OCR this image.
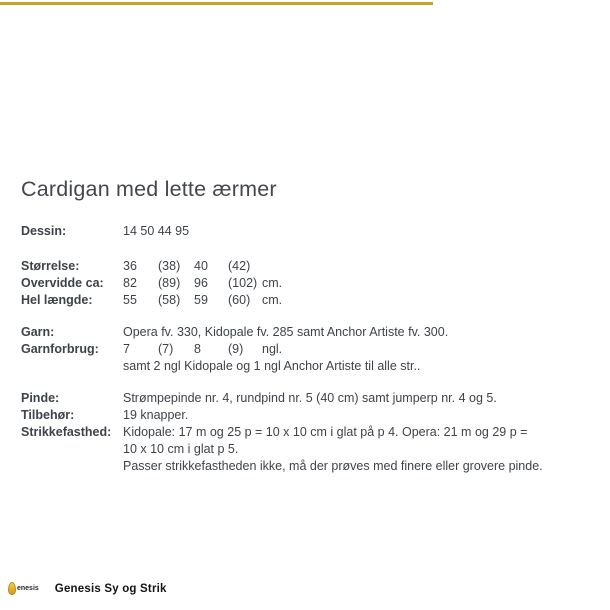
Cardigan med lette ærmer
Dessin:	14 50 44 95
Størrelse:	36	(38)	40	(42)
Overvidde ca:	82	(89)	96	(102) cm.
Hel længde:	55	(58)	59	(60) cm.
Garn:	Opera fv. 330, Kidopale fv. 285 samt Anchor Artiste fv. 300.
Garnforbrug:	7	(7)	8	(9)	ngl.
samt 2 ngl Kidopale og 1 ngl Anchor Artiste til alle str..
Pinde:	Strømpepinde nr. 4, rundpind nr. 5 (40 cm) samt jumperp nr. 4 og 5.
Tilbehør:	19 knapper.
Strikkefasthed: Kidopale: 17 m og 25 p = 10 x 10 cm i glat på p 4. Opera: 21 m og 29 p =
10 x 10 cm i glat p 5.
Passer strikkefastheden ikke, må der prøves med finere eller grovere pinde.
enesis Genesis Sy og Strik
